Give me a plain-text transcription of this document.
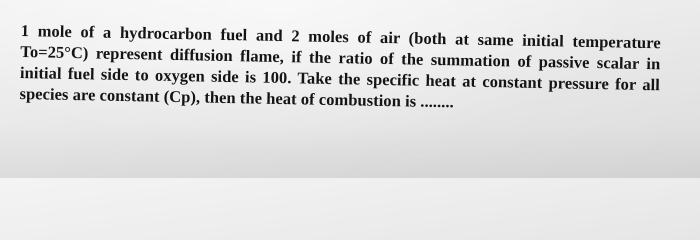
1 mole of a hydrocarbon fuel and 2 moles of air (both at same initial temperature To=25°C) represent diffusion flame, if the ratio of the summation of passive scalar in initial fuel side to oxygen side is 100. Take the specific heat at constant pressure for all species are constant (Cp), then the heat of combustion is ........
